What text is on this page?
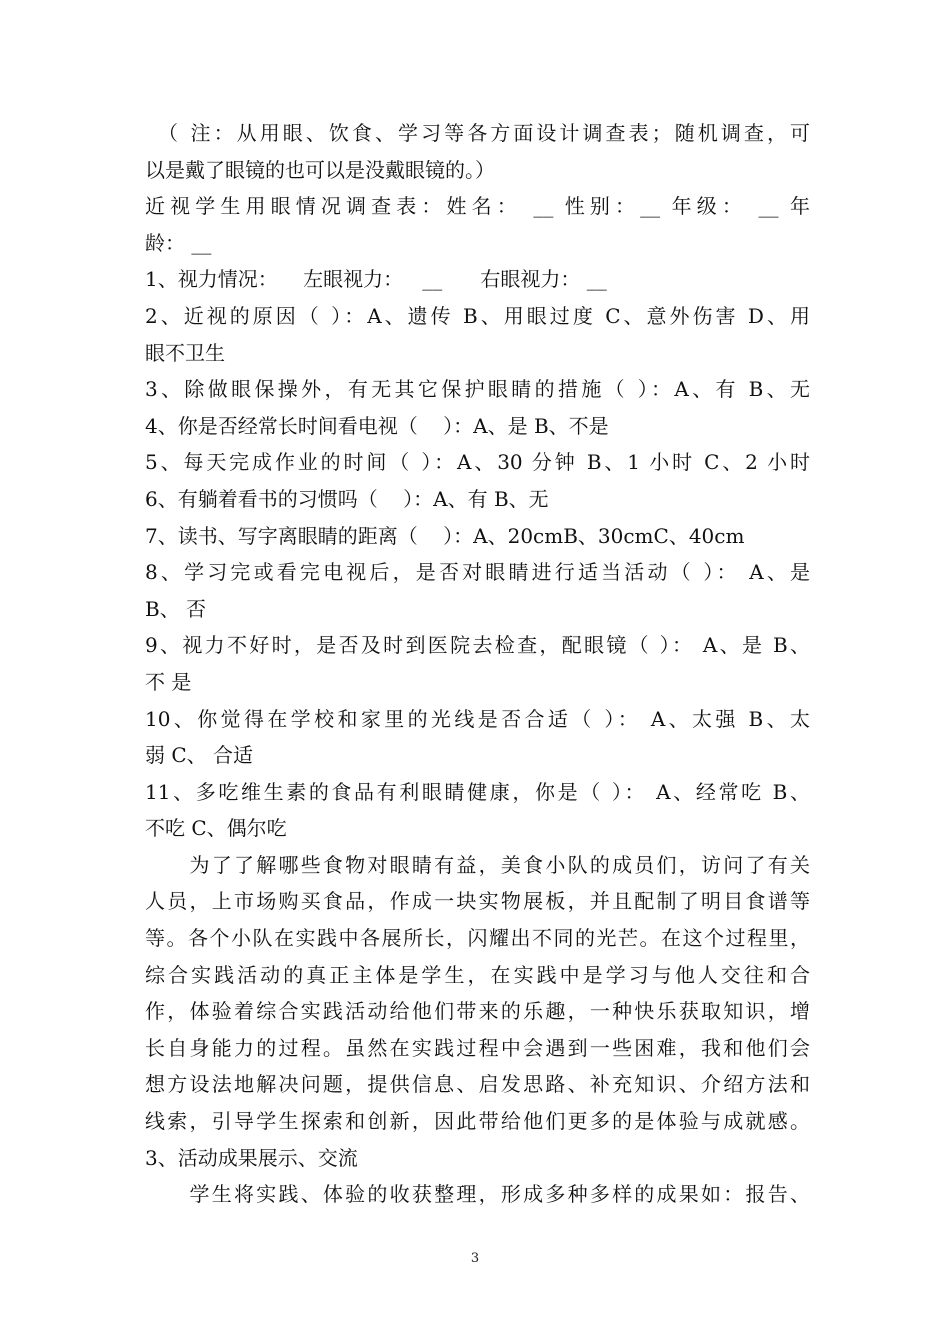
　（ 注：从用眼、饮食、学习等各方面设计调查表；随机调查，可
以是戴了眼镜的也可以是没戴眼镜的。）
近视学生用眼情况调查表：姓名： __ 性别：__ 年级： __ 年
龄： __
1、视力情况：    左眼视力：   __      右眼视力： __
2、近视的原因（ ）：A、遗传 B、用眼过度 C、意外伤害 D、用
眼不卫生
3、除做眼保操外，有无其它保护眼睛的措施（ ）：A、有 B、无
4、你是否经常长时间看电视（    ）：A、是 B、不是
5、每天完成作业的时间（ ）：A、30 分钟 B、1 小时 C、2 小时
6、有躺着看书的习惯吗（    ）：A、有 B、无
7、读书、写字离眼睛的距离（    ）：A、20cmB、30cmC、40cm
8、学习完或看完电视后，是否对眼睛进行适当活动（ ）： A、是
B、 否
9、视力不好时，是否及时到医院去检查，配眼镜（ ）： A、是 B、
不 是
10、你觉得在学校和家里的光线是否合适（ ）： A、太强 B、太
弱 C、 合适
11、多吃维生素的食品有利眼睛健康，你是（ ）： A、经常吃 B、
不吃 C、偶尔吃
　　为了了解哪些食物对眼睛有益，美食小队的成员们，访问了有关
人员，上市场购买食品，作成一块实物展板，并且配制了明目食谱等
等。各个小队在实践中各展所长，闪耀出不同的光芒。在这个过程里，
综合实践活动的真正主体是学生，在实践中是学习与他人交往和合
作，体验着综合实践活动给他们带来的乐趣，一种快乐获取知识，增
长自身能力的过程。虽然在实践过程中会遇到一些困难，我和他们会
想方设法地解决问题，提供信息、启发思路、补充知识、介绍方法和
线索，引导学生探索和创新，因此带给他们更多的是体验与成就感。
3、活动成果展示、交流
　　学生将实践、体验的收获整理，形成多种多样的成果如：报告、
3
